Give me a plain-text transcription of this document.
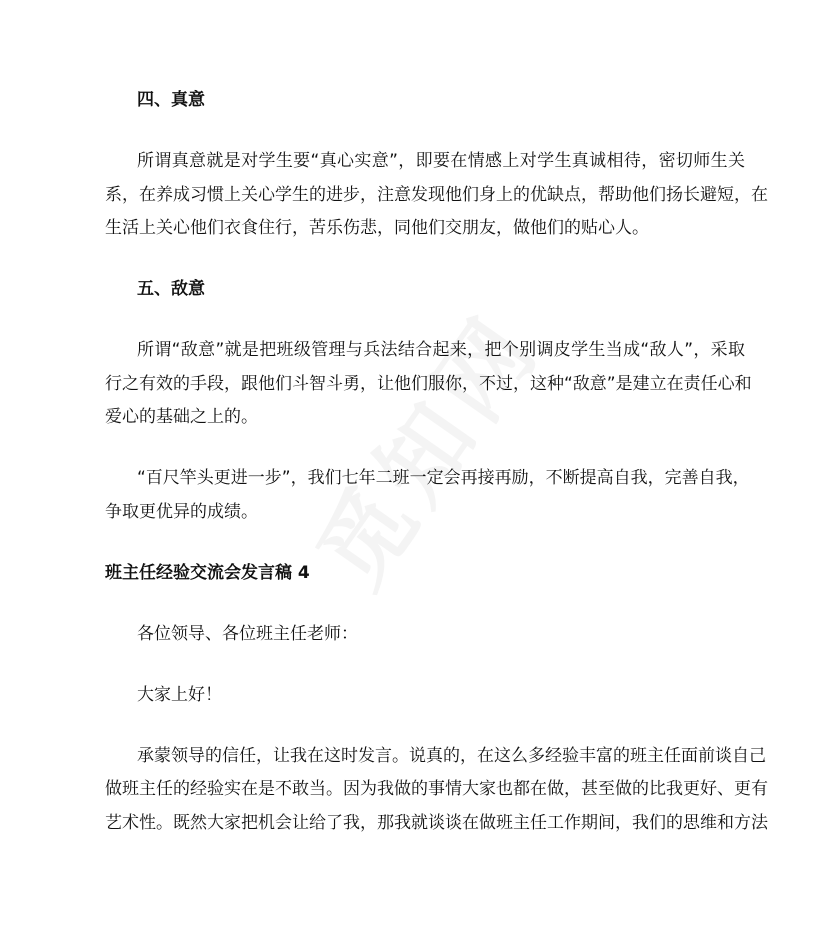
四、真意
所谓真意就是对学生要“真心实意”，即要在情感上对学生真诚相待，密切师生关
系，在养成习惯上关心学生的进步，注意发现他们身上的优缺点，帮助他们扬长避短，在
生活上关心他们衣食住行，苦乐伤悲，同他们交朋友，做他们的贴心人。
五、敌意
所谓“敌意”就是把班级管理与兵法结合起来，把个别调皮学生当成“敌人”，采取
行之有效的手段，跟他们斗智斗勇，让他们服你，不过，这种“敌意”是建立在责任心和
爱心的基础之上的。
“百尺竿头更进一步”，我们七年二班一定会再接再励，不断提高自我，完善自我，
争取更优异的成绩。
班主任经验交流会发言稿 4
各位领导、各位班主任老师：
大家上好！
承蒙领导的信任，让我在这时发言。说真的，在这么多经验丰富的班主任面前谈自己
做班主任的经验实在是不敢当。因为我做的事情大家也都在做，甚至做的比我更好、更有
艺术性。既然大家把机会让给了我，那我就谈谈在做班主任工作期间，我们的思维和方法
